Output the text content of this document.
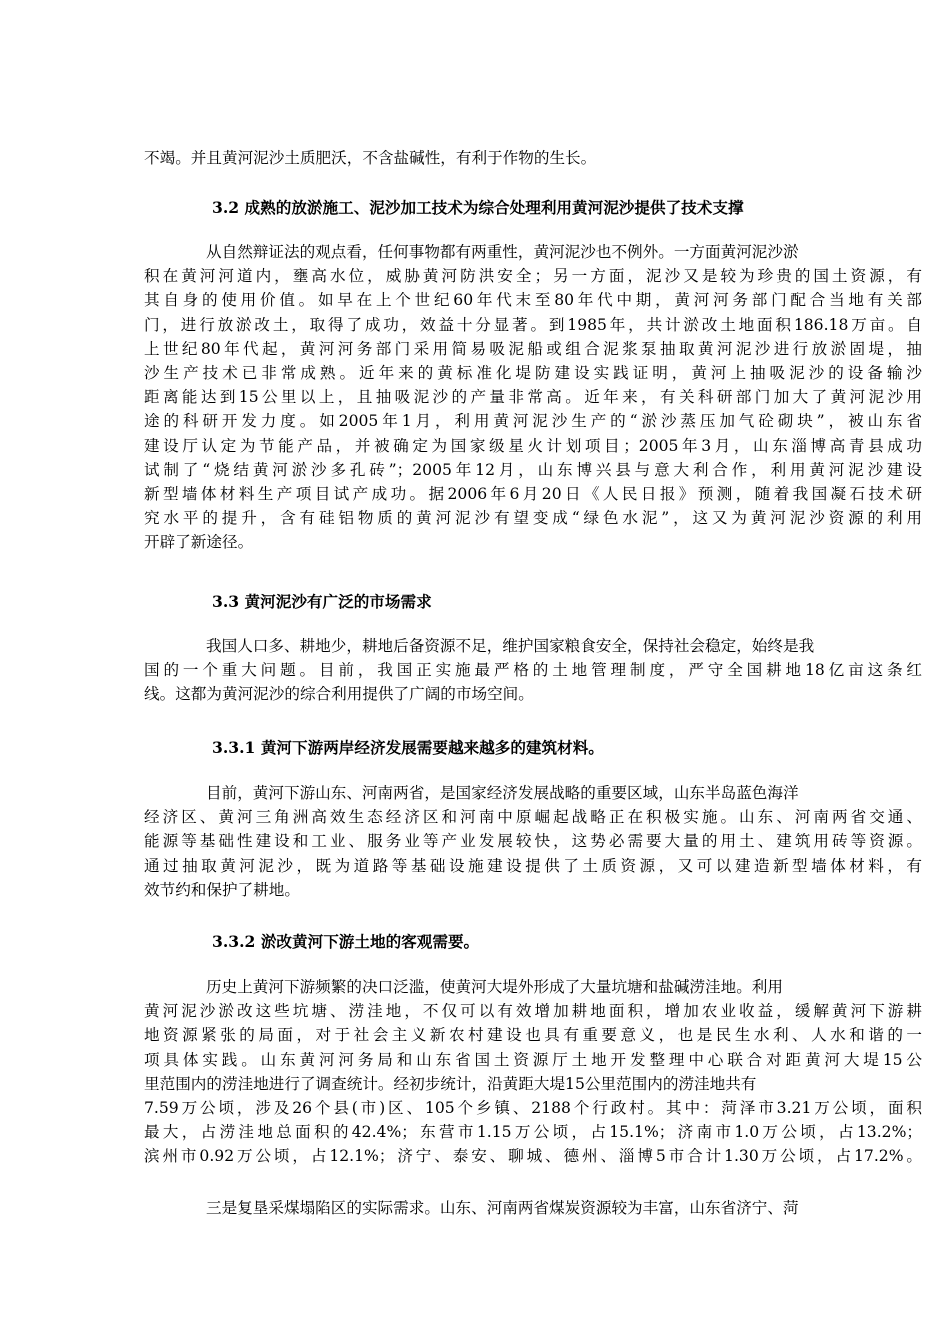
不竭。并且黄河泥沙土质肥沃，不含盐碱性，有利于作物的生长。

3.2 成熟的放淤施工、泥沙加工技术为综合处理利用黄河泥沙提供了技术支撑

从自然辩证法的观点看，任何事物都有两重性，黄河泥沙也不例外。一方面黄河泥沙淤
积在黄河河道内，壅高水位，威胁黄河防洪安全；另一方面，泥沙又是较为珍贵的国土资源，有
其自身的使用价值。如早在上个世纪60年代末至80年代中期，黄河河务部门配合当地有关部
门，进行放淤改土，取得了成功，效益十分显著。到1985年，共计淤改土地面积186.18万亩。自
上世纪80年代起，黄河河务部门采用简易吸泥船或组合泥浆泵抽取黄河泥沙进行放淤固堤，抽
沙生产技术已非常成熟。近年来的黄标准化堤防建设实践证明，黄河上抽吸泥沙的设备输沙
距离能达到15公里以上，且抽吸泥沙的产量非常高。近年来，有关科研部门加大了黄河泥沙用
途的科研开发力度。如2005年1月，利用黄河泥沙生产的“淤沙蒸压加气砼砌块”，被山东省
建设厅认定为节能产品，并被确定为国家级星火计划项目；2005年3月，山东淄博高青县成功
试制了“烧结黄河淤沙多孔砖”；2005年12月，山东博兴县与意大利合作，利用黄河泥沙建设
新型墙体材料生产项目试产成功。据2006年6月20日《人民日报》预测，随着我国凝石技术研
究水平的提升，含有硅铝物质的黄河泥沙有望变成“绿色水泥”，这又为黄河泥沙资源的利用
开辟了新途径。

3.3 黄河泥沙有广泛的市场需求

我国人口多、耕地少，耕地后备资源不足，维护国家粮食安全，保持社会稳定，始终是我
国的一个重大问题。目前，我国正实施最严格的土地管理制度，严守全国耕地18亿亩这条红
线。这都为黄河泥沙的综合利用提供了广阔的市场空间。

3.3.1 黄河下游两岸经济发展需要越来越多的建筑材料。

目前，黄河下游山东、河南两省，是国家经济发展战略的重要区域，山东半岛蓝色海洋
经济区、黄河三角洲高效生态经济区和河南中原崛起战略正在积极实施。山东、河南两省交通、
能源等基础性建设和工业、服务业等产业发展较快，这势必需要大量的用土、建筑用砖等资源。
通过抽取黄河泥沙，既为道路等基础设施建设提供了土质资源，又可以建造新型墙体材料，有
效节约和保护了耕地。

3.3.2 淤改黄河下游土地的客观需要。

历史上黄河下游频繁的决口泛滥，使黄河大堤外形成了大量坑塘和盐碱涝洼地。利用
黄河泥沙淤改这些坑塘、涝洼地，不仅可以有效增加耕地面积，增加农业收益，缓解黄河下游耕
地资源紧张的局面，对于社会主义新农村建设也具有重要意义，也是民生水利、人水和谐的一
项具体实践。山东黄河河务局和山东省国土资源厅土地开发整理中心联合对距黄河大堤15公
里范围内的涝洼地进行了调查统计。经初步统计，沿黄距大堤15公里范围内的涝洼地共有
7.59万公顷，涉及26个县(市)区、105个乡镇、2188个行政村。其中：菏泽市3.21万公顷，面积
最大，占涝洼地总面积的42.4%；东营市1.15万公顷，占15.1%；济南市1.0万公顷，占13.2%；
滨州市0.92万公顷，占12.1%；济宁、泰安、聊城、德州、淄博5市合计1.30万公顷，占17.2%。
三是复垦采煤塌陷区的实际需求。山东、河南两省煤炭资源较为丰富，山东省济宁、菏
